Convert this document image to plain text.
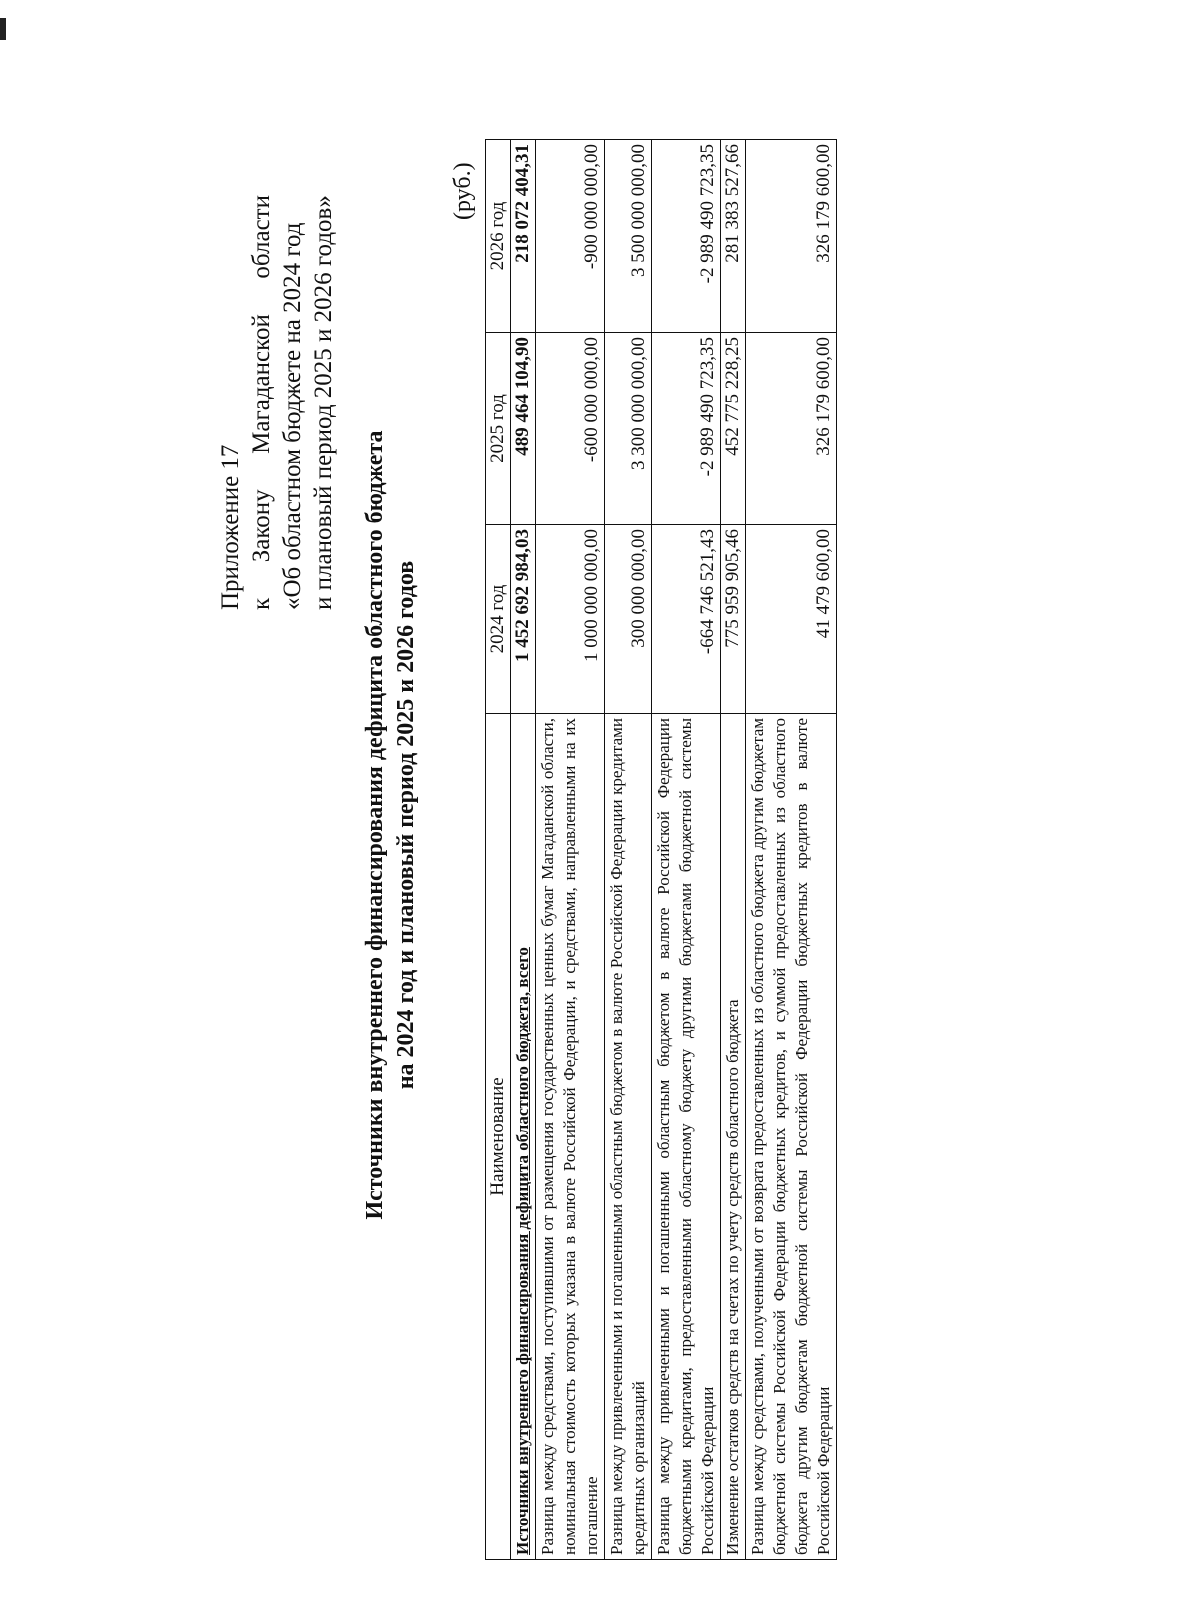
Приложение 17 к
Закону
Магаданской
области «Об областном бюджете на 2024 год и плановый период 2025 и 2026 годов»
Источники внутреннего финансирования дефицита областного бюджета на 2024 год и плановый период 2025 и 2026 годов
(руб.)
Наименование	2024 год	2025 год	2026 год
Источники внутреннего финансирования дефицита областного бюджета, всего	1 452 692 984,03	489 464 104,90	218 072 404,31
Разница между средствами, поступившими от размещения государственных ценных бумаг Магаданской области, номинальная стоимость которых указана в валюте Российской Федерации, и средствами, направленными на их погашение	1 000 000 000,00	-600 000 000,00	-900 000 000,00
Разница между привлеченными и погашенными областным бюджетом в валюте Российской Федерации кредитами кредитных организаций	300 000 000,00	3 300 000 000,00	3 500 000 000,00
Разница между привлеченными и погашенными областным бюджетом в валюте Российской Федерации бюджетными кредитами, предоставленными областному бюджету другими бюджетами бюджетной системы Российской Федерации	-664 746 521,43	-2 989 490 723,35	-2 989 490 723,35
Изменение остатков средств на счетах по учету средств областного бюджета	775 959 905,46	452 775 228,25	281 383 527,66
Разница между средствами, полученными от возврата предоставленных из областного бюджета другим бюджетам бюджетной системы Российской Федерации бюджетных кредитов, и суммой предоставленных из областного бюджета другим бюджетам бюджетной системы Российской Федерации бюджетных кредитов в валюте Российской Федерации	41 479 600,00	326 179 600,00	326 179 600,00
